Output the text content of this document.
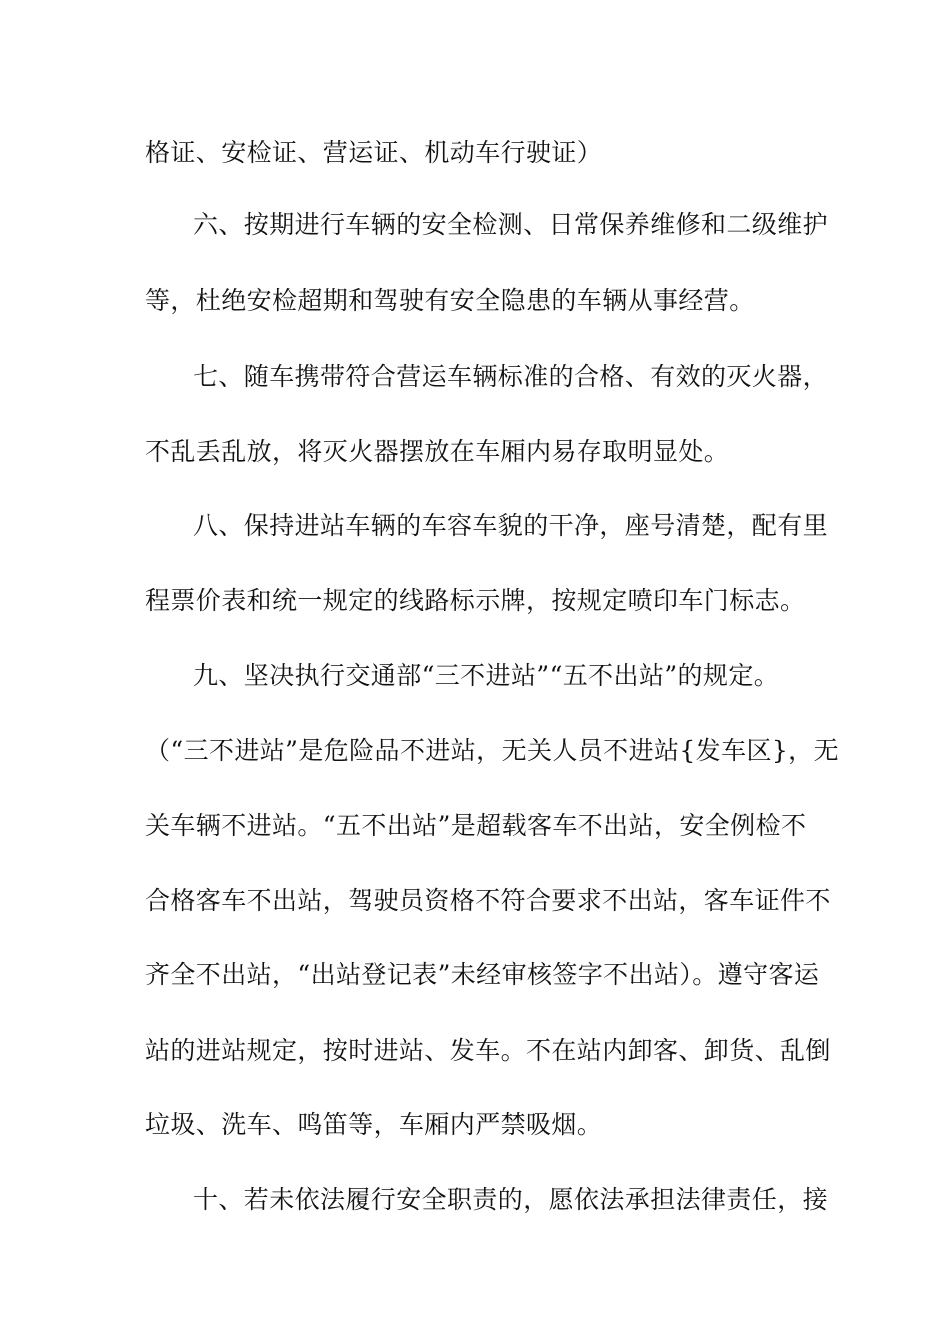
格证、安检证、营运证、机动车行驶证）
六、按期进行车辆的安全检测、日常保养维修和二级维护
等，杜绝安检超期和驾驶有安全隐患的车辆从事经营。
七、随车携带符合营运车辆标准的合格、有效的灭火器，
不乱丢乱放，将灭火器摆放在车厢内易存取明显处。
八、保持进站车辆的车容车貌的干净，座号清楚，配有里
程票价表和统一规定的线路标示牌，按规定喷印车门标志。
九、坚决执行交通部“三不进站”“五不出站”的规定。
（“三不进站”是危险品不进站，无关人员不进站{发车区}，无
关车辆不进站。“五不出站”是超载客车不出站，安全例检不
合格客车不出站，驾驶员资格不符合要求不出站，客车证件不
齐全不出站，“出站登记表”未经审核签字不出站）。遵守客运
站的进站规定，按时进站、发车。不在站内卸客、卸货、乱倒
垃圾、洗车、鸣笛等，车厢内严禁吸烟。
十、若未依法履行安全职责的，愿依法承担法律责任，接
